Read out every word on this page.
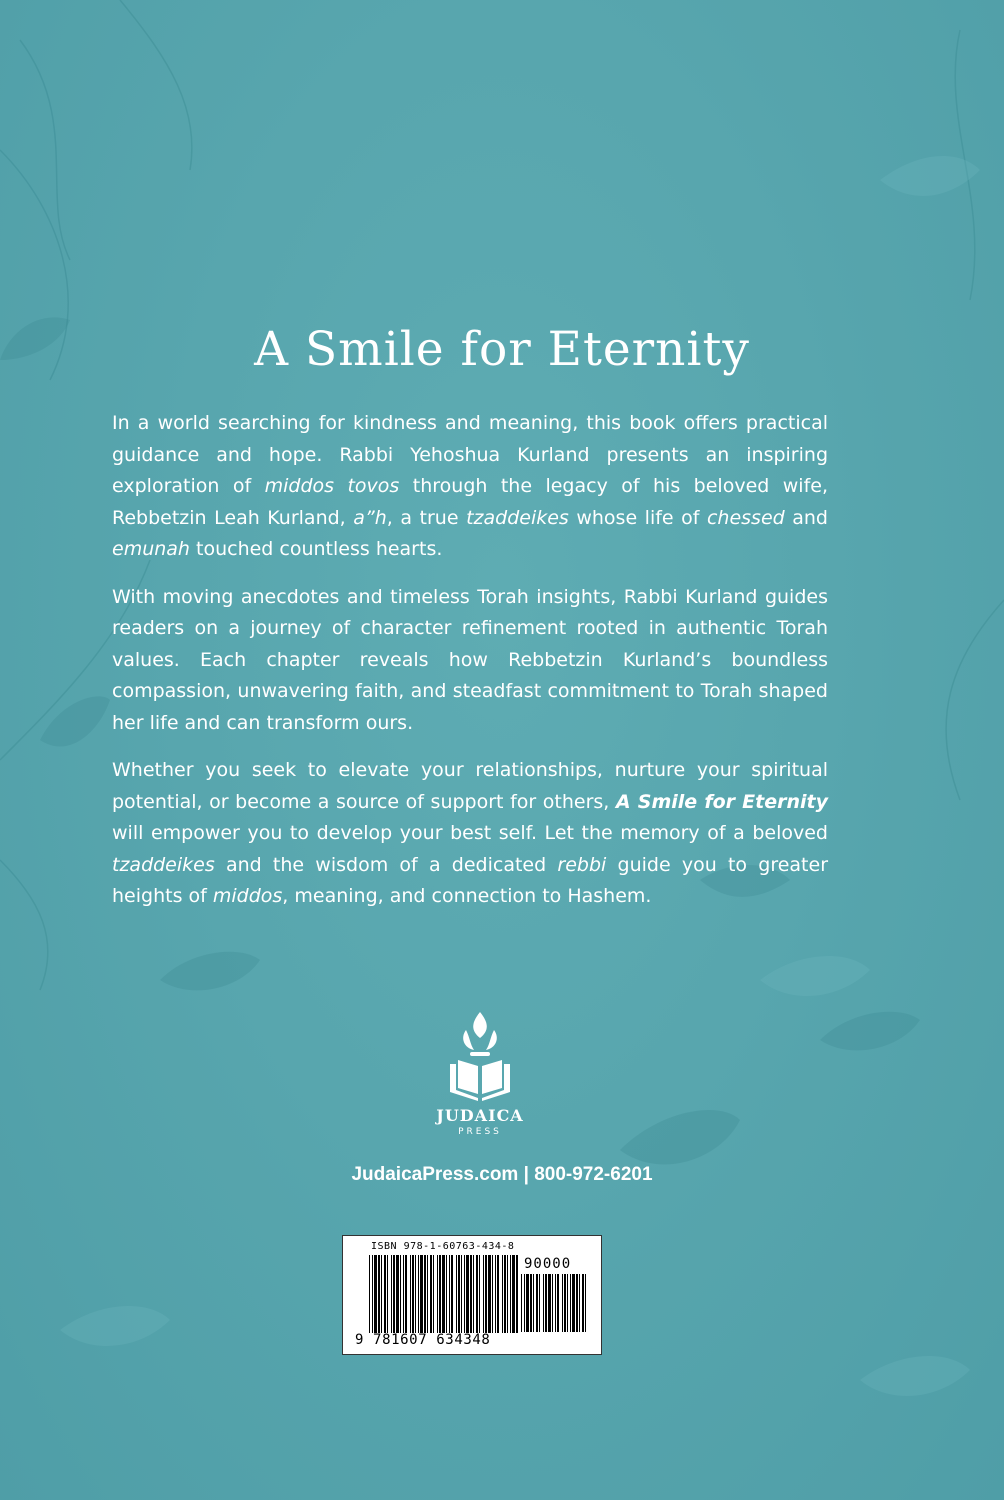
A Smile for Eternity

In a world searching for kindness and meaning, this book offers practical guidance and hope. Rabbi Yehoshua Kurland presents an inspiring exploration of middos tovos through the legacy of his beloved wife, Rebbetzin Leah Kurland, a”h, a true tzaddeikes whose life of chessed and emunah touched countless hearts.

With moving anecdotes and timeless Torah insights, Rabbi Kurland guides readers on a journey of character refinement rooted in authentic Torah values. Each chapter reveals how Rebbetzin Kurland’s boundless compassion, unwavering faith, and steadfast commitment to Torah shaped her life and can transform ours.

Whether you seek to elevate your relationships, nurture your spiritual potential, or become a source of support for others, A Smile for Eternity will empower you to develop your best self. Let the memory of a beloved tzaddeikes and the wisdom of a dedicated rebbi guide you to greater heights of middos, meaning, and connection to Hashem.

JUDAICA
PRESS
JudaicaPress.com | 800-972-6201
ISBN 978-1-60763-434-8
90000
9 781607 634348
